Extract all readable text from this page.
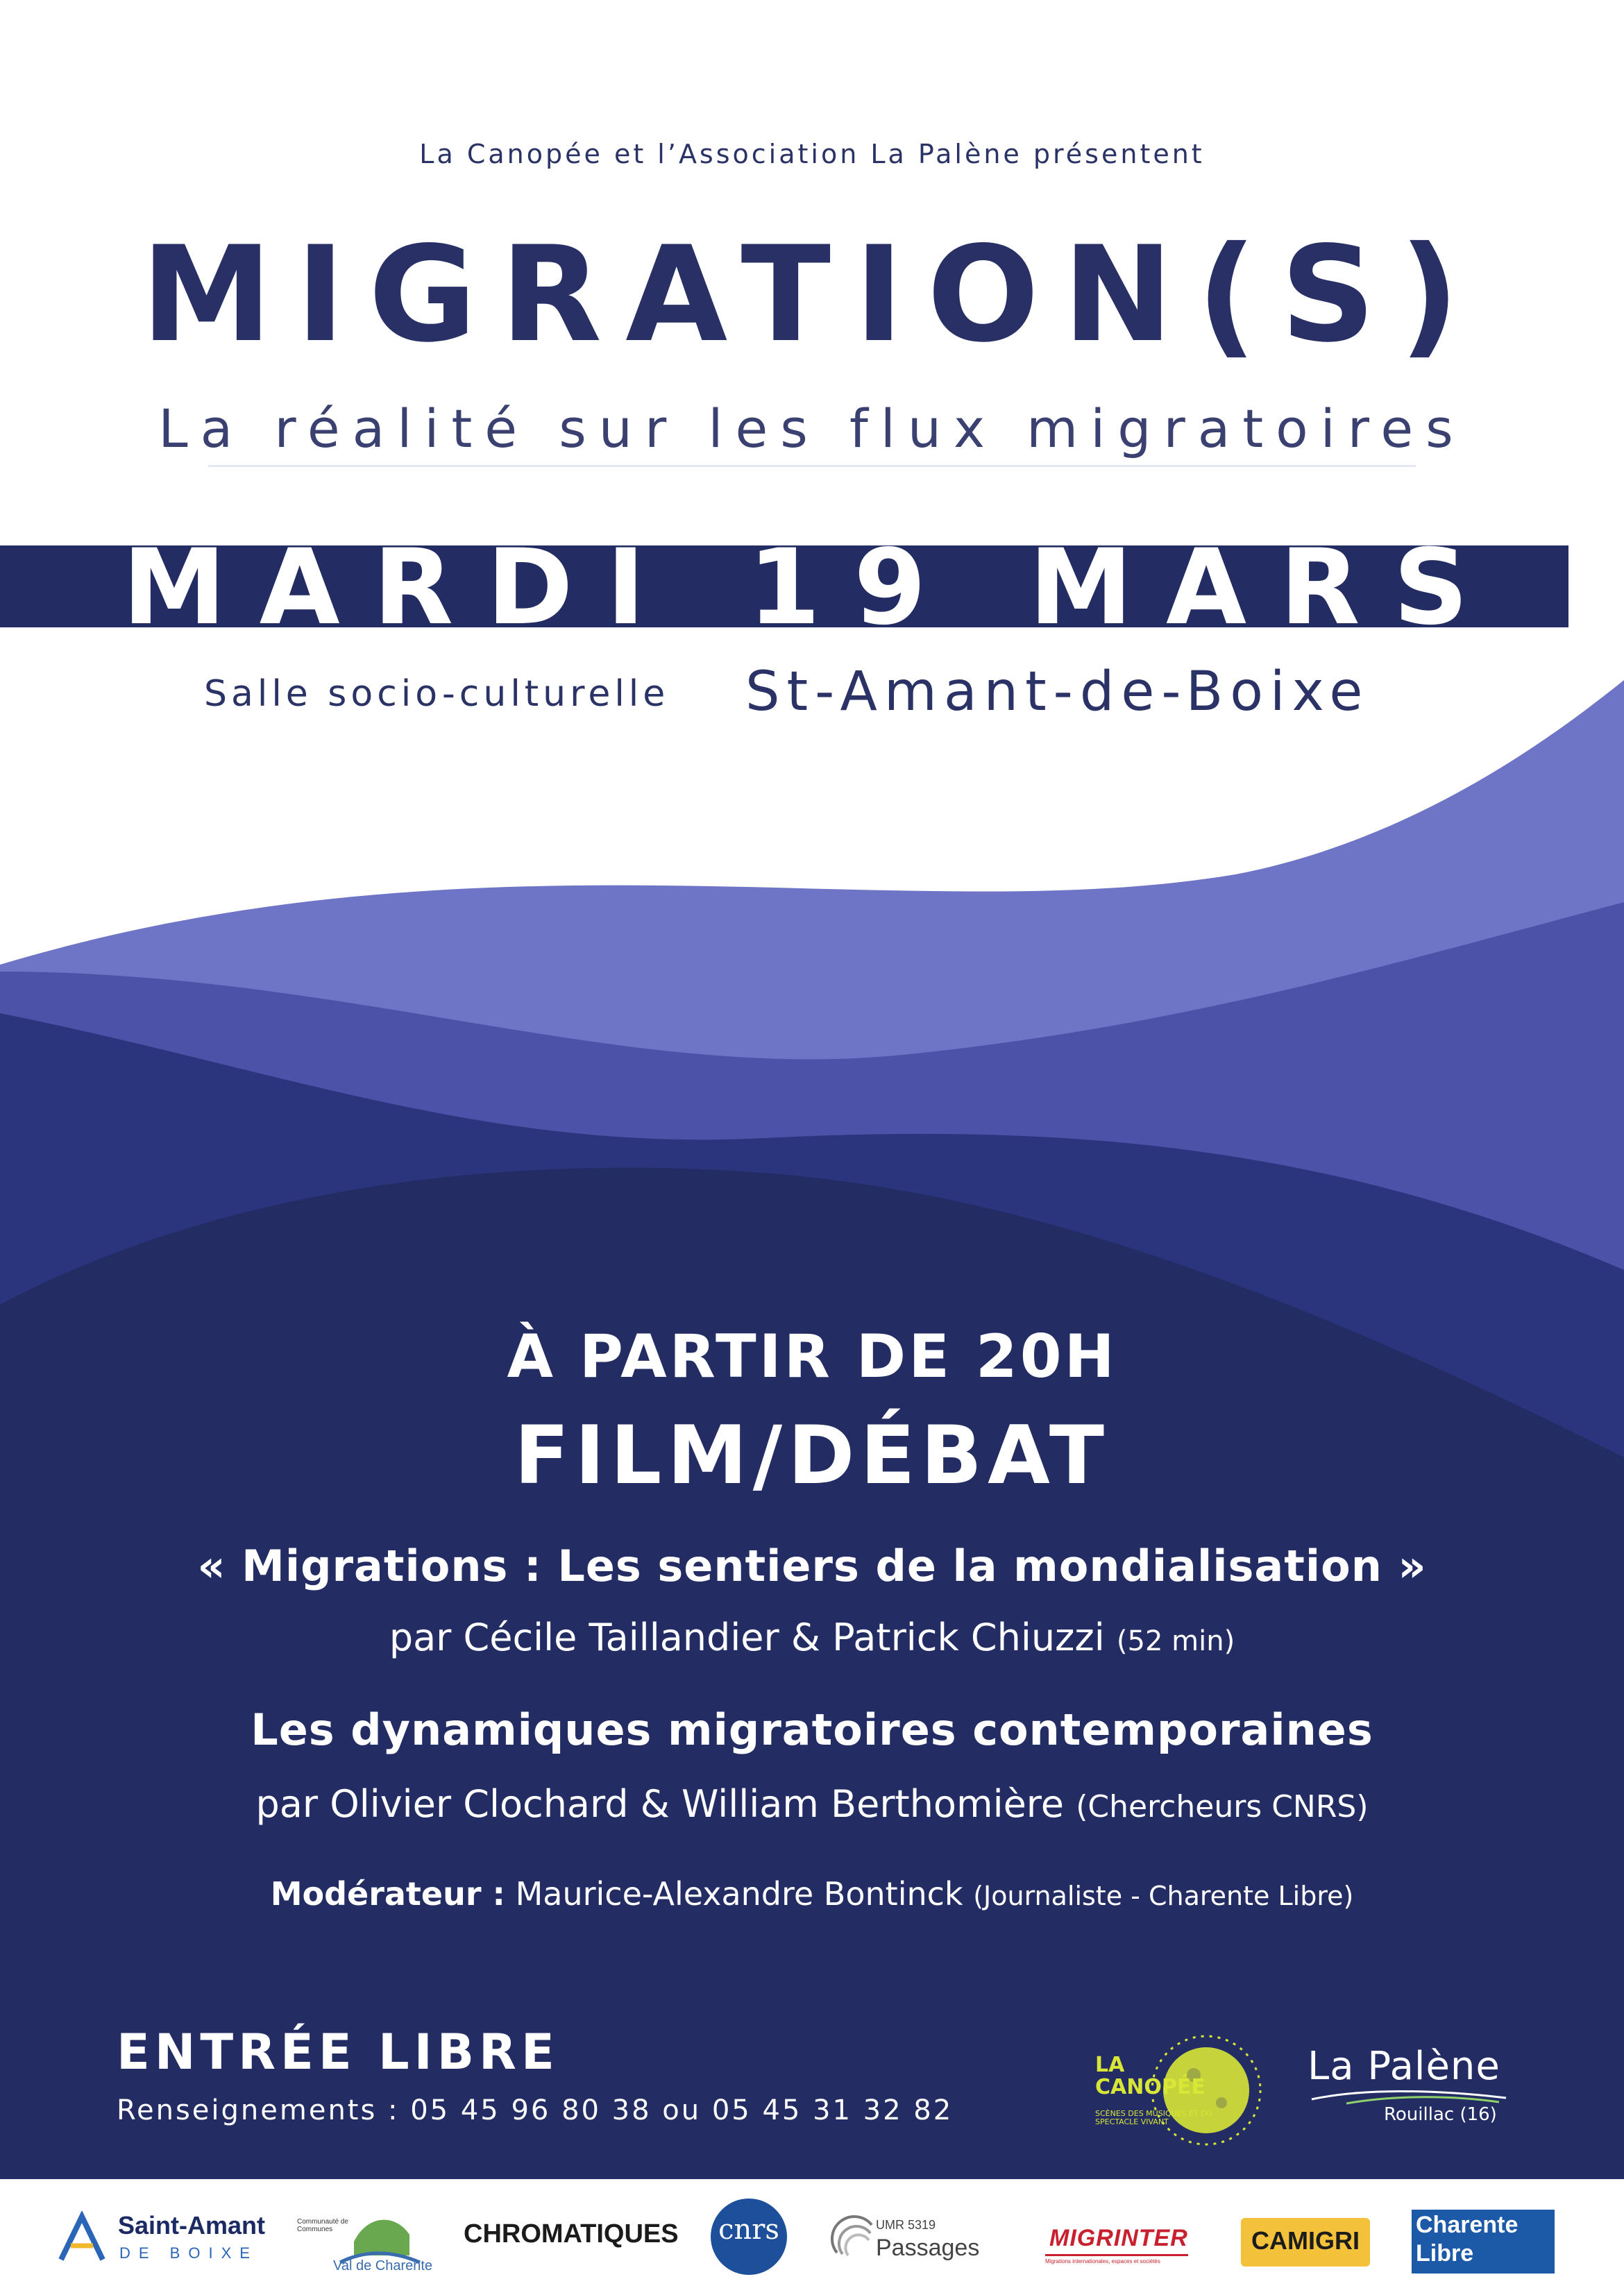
La Canopée et l’Association La Palène présentent
MIGRATION(S)
La réalité sur les flux migratoires
MARDI 19 MARS
Salle socio-culturelle St-Amant-de-Boixe
À PARTIR DE 20H
FILM/DÉBAT
« Migrations : Les sentiers de la mondialisation »
par Cécile Taillandier & Patrick Chiuzzi (52 min)
Les dynamiques migratoires contemporaines
par Olivier Clochard & William Berthomière (Chercheurs CNRS)
Modérateur : Maurice-Alexandre Bontinck (Journaliste - Charente Libre)
ENTRÉE LIBRE
Renseignements : 05 45 96 80 38 ou 05 45 31 32 82
LA
CANOPÉE
SCÈNES DES MUSIQUES ET DU SPECTACLE VIVANT
La Palène
Rouillac (16)
Saint-Amant
DE BOIXE
Communauté de Communes
Val de Charente
CHROMATIQUES	cnrs	UMR 5319
Passages	MIGRINTER
Migrations internationales, espaces et sociétés
CAMIGRI
Charente
Libre
